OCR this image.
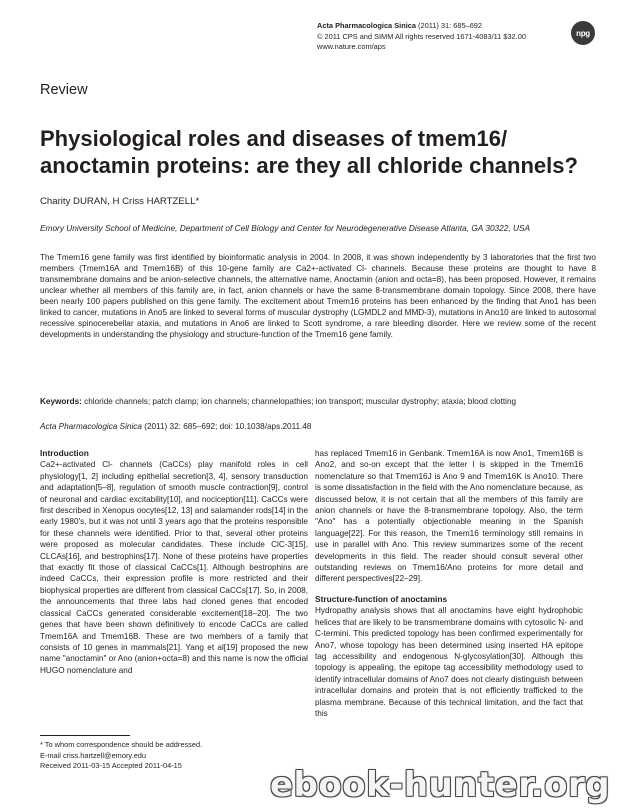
Acta Pharmacologica Sinica (2011) 31: 685–692
© 2011 CPS and SIMM All rights reserved 1671-4083/11 $32.00
www.nature.com/aps
npg
Review
Physiological roles and diseases of tmem16/ anoctamin proteins: are they all chloride channels?
Charity DURAN, H Criss HARTZELL*
Emory University School of Medicine, Department of Cell Biology and Center for Neurodegenerative Disease Atlanta, GA 30322, USA
The Tmem16 gene family was first identified by bioinformatic analysis in 2004. In 2008, it was shown independently by 3 laboratories that the first two members (Tmem16A and Tmem16B) of this 10-gene family are Ca2+-activated Cl- channels. Because these proteins are thought to have 8 transmembrane domains and be anion-selective channels, the alternative name, Anoctamin (anion and octa=8), has been proposed. However, it remains unclear whether all members of this family are, in fact, anion channels or have the same 8-transmembrane domain topology. Since 2008, there have been nearly 100 papers published on this gene family. The excitement about Tmem16 proteins has been enhanced by the finding that Ano1 has been linked to cancer, mutations in Ano5 are linked to several forms of muscular dystrophy (LGMDL2 and MMD-3), mutations in Ano10 are linked to autosomal recessive spinocerebellar ataxia, and mutations in Ano6 are linked to Scott syndrome, a rare bleeding disorder. Here we review some of the recent developments in understanding the physiology and structure-function of the Tmem16 gene family.
Keywords: chloride channels; patch clamp; ion channels; channelopathies; ion transport; muscular dystrophy; ataxia; blood clotting
Acta Pharmacologica Sinica (2011) 32: 685–692; doi: 10.1038/aps.2011.48
Introduction

Ca2+-activated Cl- channels (CaCCs) play manifold roles in cell physiology[1, 2] including epithelial secretion[3, 4], sensory transduction and adaptation[5–8], regulation of smooth muscle contraction[9], control of neuronal and cardiac excitability[10], and nociception[11]. CaCCs were first described in Xenopus oocytes[12, 13] and salamander rods[14] in the early 1980's, but it was not until 3 years ago that the proteins responsible for these channels were identified. Prior to that, several other proteins were proposed as molecular candidates. These include ClC-3[15], CLCAs[16], and bestrophins[17]. None of these proteins have properties that exactly fit those of classical CaCCs[1]. Although bestrophins are indeed CaCCs, their expression profile is more restricted and their biophysical properties are different from classical CaCCs[17]. So, in 2008, the announcements that three labs had cloned genes that encoded classical CaCCs generated considerable excitement[18–20]. The two genes that have been shown definitively to encode CaCCs are called Tmem16A and Tmem16B. These are two members of a family that consists of 10 genes in mammals[21]. Yang et al[19] proposed the new name "anoctamin" or Ano (anion+octa=8) and this name is now the official HUGO nomenclature and

has replaced Tmem16 in Genbank. Tmem16A is now Ano1, Tmem16B is Ano2, and so-on except that the letter I is skipped in the Tmem16 nomenclature so that Tmem16J is Ano 9 and Tmem16K is Ano10. There is some dissatisfaction in the field with the Ano nomenclature because, as discussed below, it is not certain that all the members of this family are anion channels or have the 8-transmembrane topology. Also, the term "Ano" has a potentially objectionable meaning in the Spanish language[22]. For this reason, the Tmem16 terminology still remains in use in parallel with Ano. This review summarizes some of the recent developments in this field. The reader should consult several other outstanding reviews on Tmem16/Ano proteins for more detail and different perspectives[22–29].

Structure-function of anoctamins

Hydropathy analysis shows that all anoctamins have eight hydrophobic helices that are likely to be transmembrane domains with cytosolic N- and C-termini. This predicted topology has been confirmed experimentally for Ano7, whose topology has been determined using inserted HA epitope tag accessibility and endogenous N-glycosylation[30]. Although this topology is appealing, the epitope tag accessibility methodology used to identify intracellular domains of Ano7 does not clearly distinguish between intracellular domains and protein that is not efficiently trafficked to the plasma membrane. Because of this technical limitation, and the fact that this

* To whom correspondence should be addressed.
E-mail criss.hartzell@emory.edu
Received 2011-03-15 Accepted 2011-04-15	ebook-hunter.org
